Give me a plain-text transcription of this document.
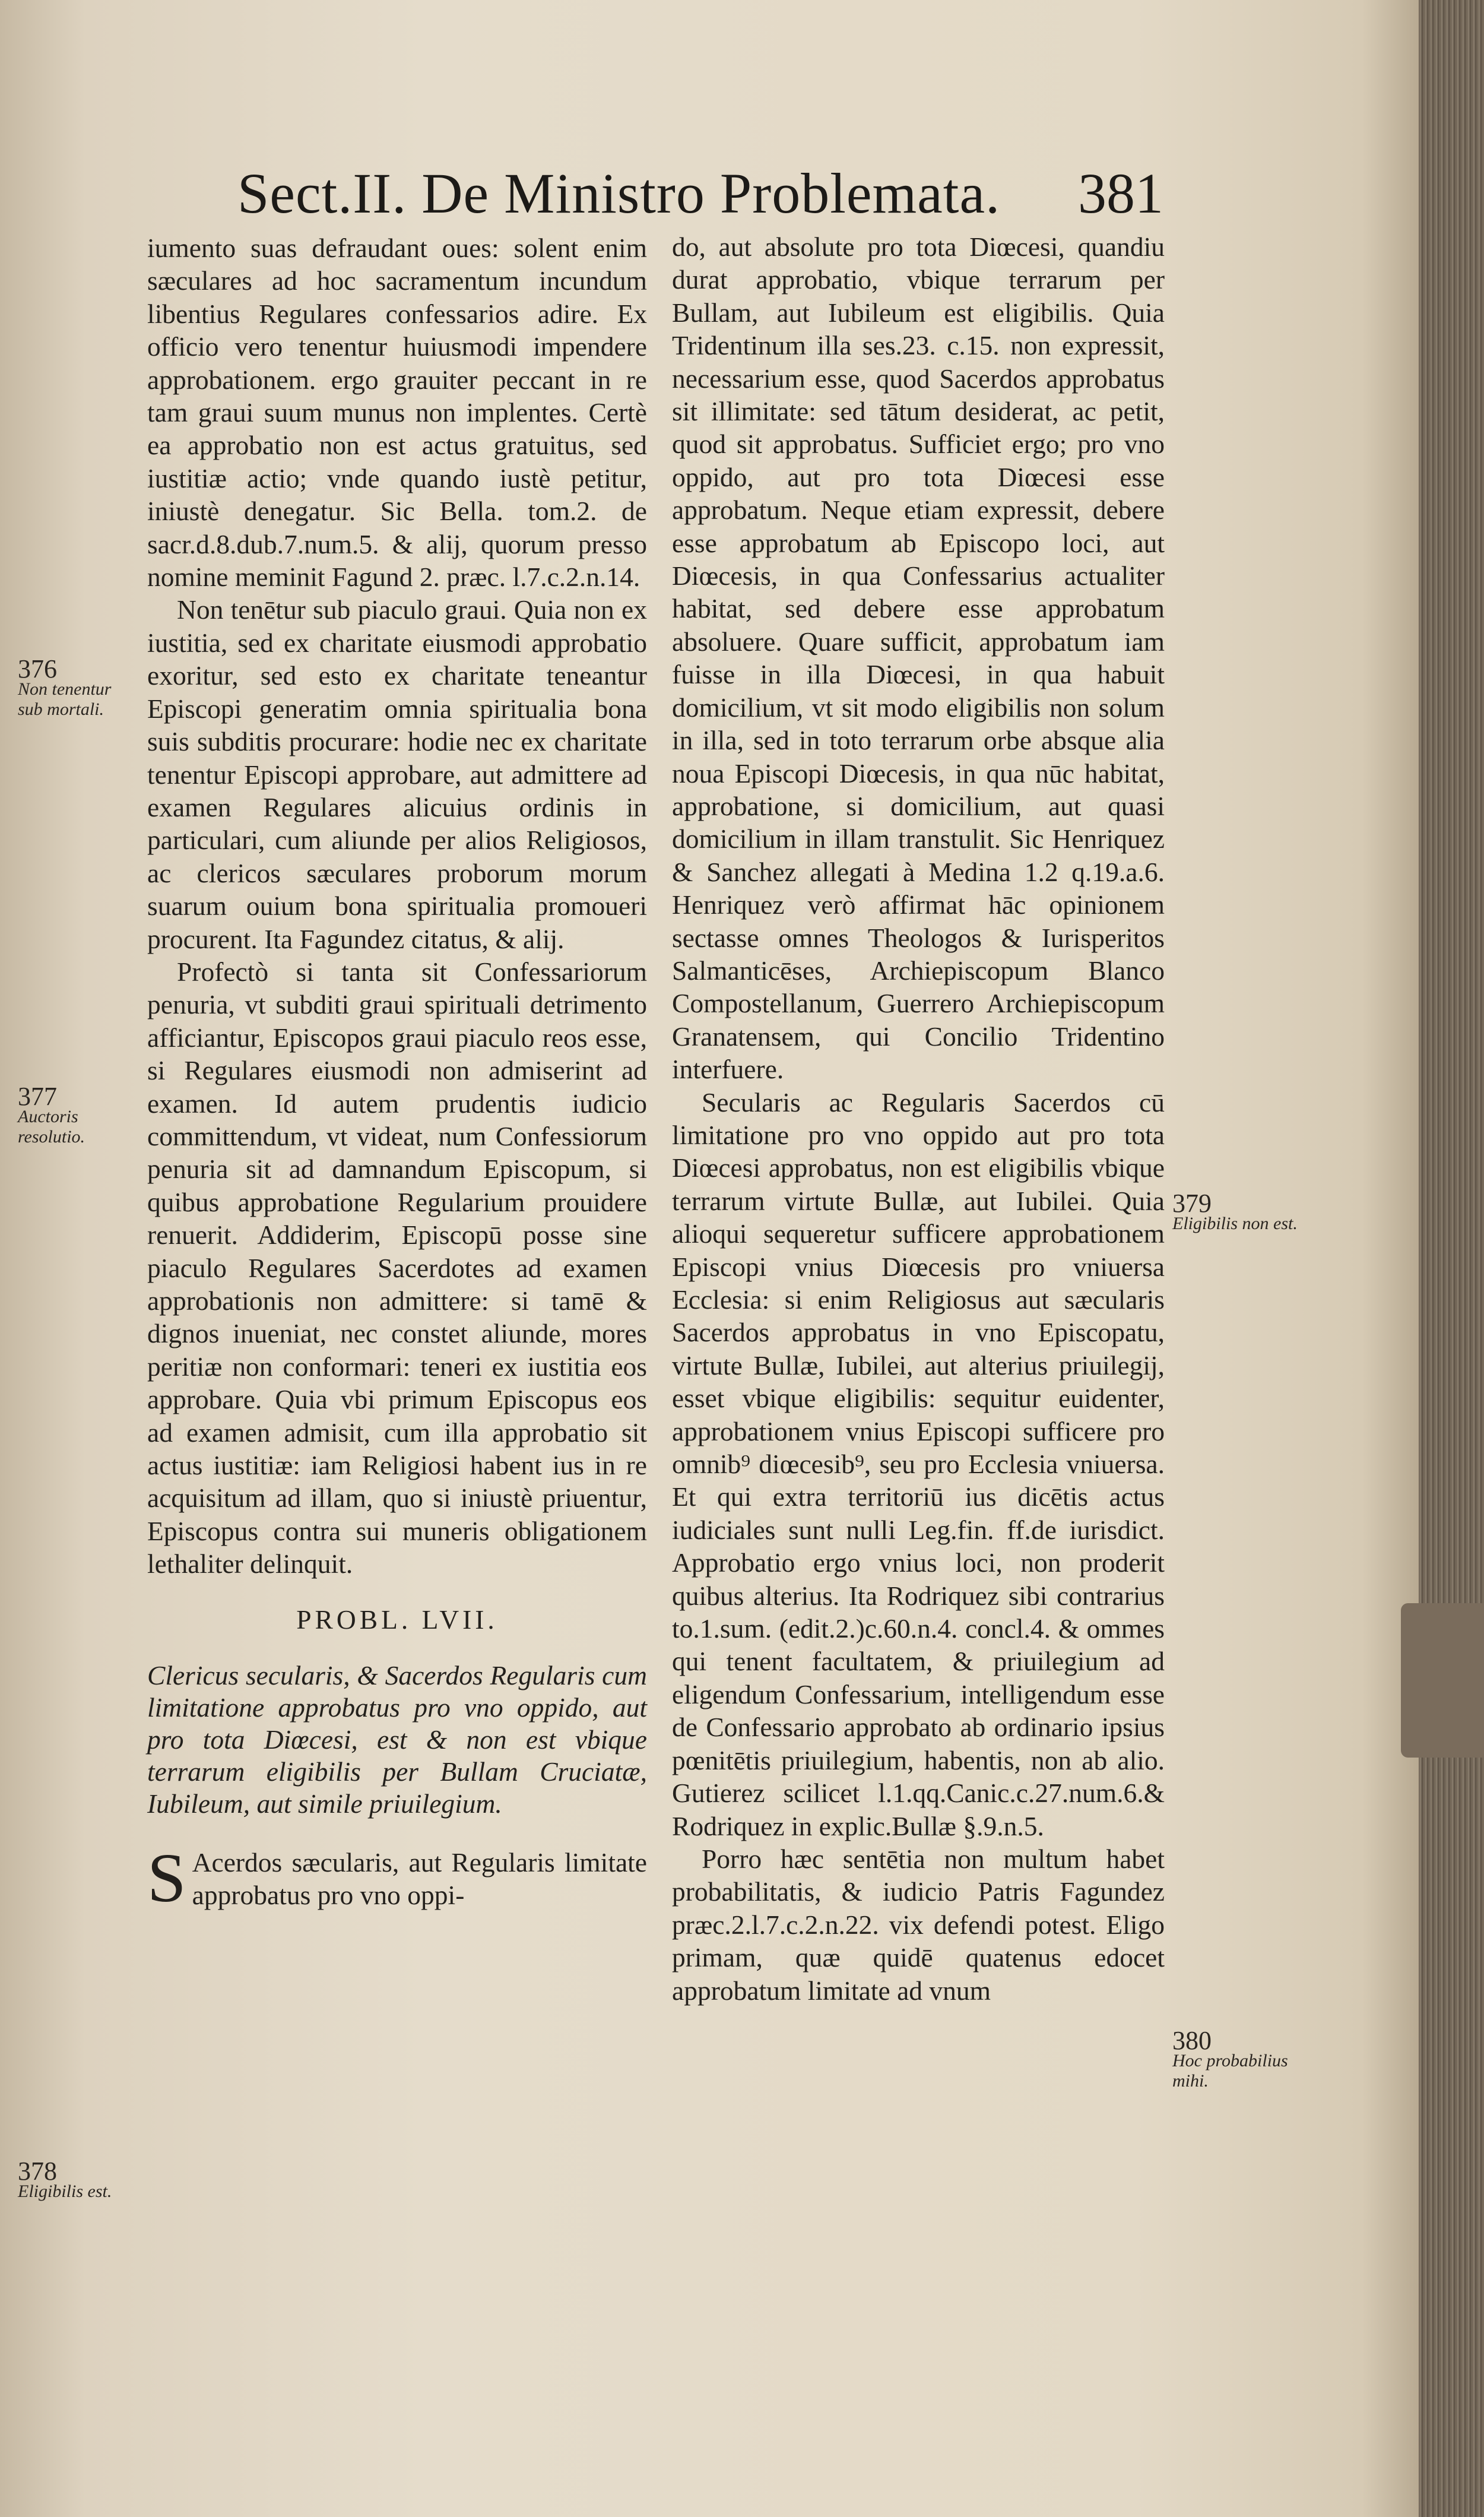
Sect.II. De Ministro Problemata. 381

iumento suas defraudant oues: solent enim sæculares ad hoc sacramentum incundum libentius Regulares confessarios adire. Ex officio vero tenentur huiusmodi impendere approbationem. ergo grauiter peccant in re tam graui suum munus non implentes. Certè ea approbatio non est actus gratuitus, sed iustitiæ actio; vnde quando iustè petitur, iniustè denegatur. Sic Bella. tom.2. de sacr.d.8.dub.7.num.5. & alij, quorum presso nomine meminit Fagund 2. præc. l.7.c.2.n.14.

Non tenētur sub piaculo graui. Quia non ex iustitia, sed ex charitate eiusmodi approbatio exoritur, sed esto ex charitate teneantur Episcopi generatim omnia spiritualia bona suis subditis procurare: hodie nec ex charitate tenentur Episcopi approbare, aut admittere ad examen Regulares alicuius ordinis in particulari, cum aliunde per alios Religiosos, ac clericos sæculares proborum morum suarum ouium bona spiritualia promoueri procurent. Ita Fagundez citatus, & alij.

Profectò si tanta sit Confessariorum penuria, vt subditi graui spirituali detrimento afficiantur, Episcopos graui piaculo reos esse, si Regulares eiusmodi non admiserint ad examen. Id autem prudentis iudicio committendum, vt videat, num Confessiorum penuria sit ad damnandum Episcopum, si quibus approbatione Regularium prouidere renuerit. Addiderim, Episcopū posse sine piaculo Regulares Sacerdotes ad examen approbationis non admittere: si tamē & dignos inueniat, nec constet aliunde, mores peritiæ non conformari: teneri ex iustitia eos approbare. Quia vbi primum Episcopus eos ad examen admisit, cum illa approbatio sit actus iustitiæ: iam Religiosi habent ius in re acquisitum ad illam, quo si iniustè priuentur, Episcopus contra sui muneris obligationem lethaliter delinquit.

PROBL. LVII.

Clericus secularis, & Sacerdos Regularis cum limitatione approbatus pro vno oppido, aut pro tota Diœcesi, est & non est vbique terrarum eligibilis per Bullam Cruciatæ, Iubileum, aut simile priuilegium.

S Acerdos sæcularis, aut Regularis limitate approbatus pro vno oppi-

do, aut absolute pro tota Diœcesi, quandiu durat approbatio, vbique terrarum per Bullam, aut Iubileum est eligibilis. Quia Tridentinum illa ses.23. c.15. non expressit, necessarium esse, quod Sacerdos approbatus sit illimitate: sed tātum desiderat, ac petit, quod sit approbatus. Sufficiet ergo; pro vno oppido, aut pro tota Diœcesi esse approbatum. Neque etiam expressit, debere esse approbatum ab Episcopo loci, aut Diœcesis, in qua Confessarius actualiter habitat, sed debere esse approbatum absoluere. Quare sufficit, approbatum iam fuisse in illa Diœcesi, in qua habuit domicilium, vt sit modo eligibilis non solum in illa, sed in toto terrarum orbe absque alia noua Episcopi Diœcesis, in qua nūc habitat, approbatione, si domicilium, aut quasi domicilium in illam transtulit. Sic Henriquez & Sanchez allegati à Medina 1.2 q.19.a.6. Henriquez verò affirmat hāc opinionem sectasse omnes Theologos & Iurisperitos Salmanticēses, Archiepiscopum Blanco Compostellanum, Guerrero Archiepiscopum Granatensem, qui Concilio Tridentino interfuere.

Secularis ac Regularis Sacerdos cū limitatione pro vno oppido aut pro tota Diœcesi approbatus, non est eligibilis vbique terrarum virtute Bullæ, aut Iubilei. Quia alioqui sequeretur sufficere approbationem Episcopi vnius Diœcesis pro vniuersa Ecclesia: si enim Religiosus aut sæcularis Sacerdos approbatus in vno Episcopatu, virtute Bullæ, Iubilei, aut alterius priuilegij, esset vbique eligibilis: sequitur euidenter, approbationem vnius Episcopi sufficere pro omnib⁹ diœcesib⁹, seu pro Ecclesia vniuersa. Et qui extra territoriū ius dicētis actus iudiciales sunt nulli Leg.fin. ff.de iurisdict. Approbatio ergo vnius loci, non proderit quibus alterius. Ita Rodriquez sibi contrarius to.1.sum. (edit.2.)c.60.n.4. concl.4. & ommes qui tenent facultatem, & priuilegium ad eligendum Confessarium, intelligendum esse de Confessario approbato ab ordinario ipsius pœnitētis priuilegium, habentis, non ab alio. Gutierez scilicet l.1.qq.Canic.c.27.num.6.& Rodriquez in explic.Bullæ §.9.n.5.

Porro hæc sentētia non multum habet probabilitatis, & iudicio Patris Fagundez præc.2.l.7.c.2.n.22. vix defendi potest. Eligo primam, quæ quidē quatenus edocet approbatum limitate ad vnum

376
Non tenentur sub mortali.
377
Auctoris resolutio.
378
Eligibilis est.
379
Eligibilis non est.
380
Hoc probabilius mihi.
